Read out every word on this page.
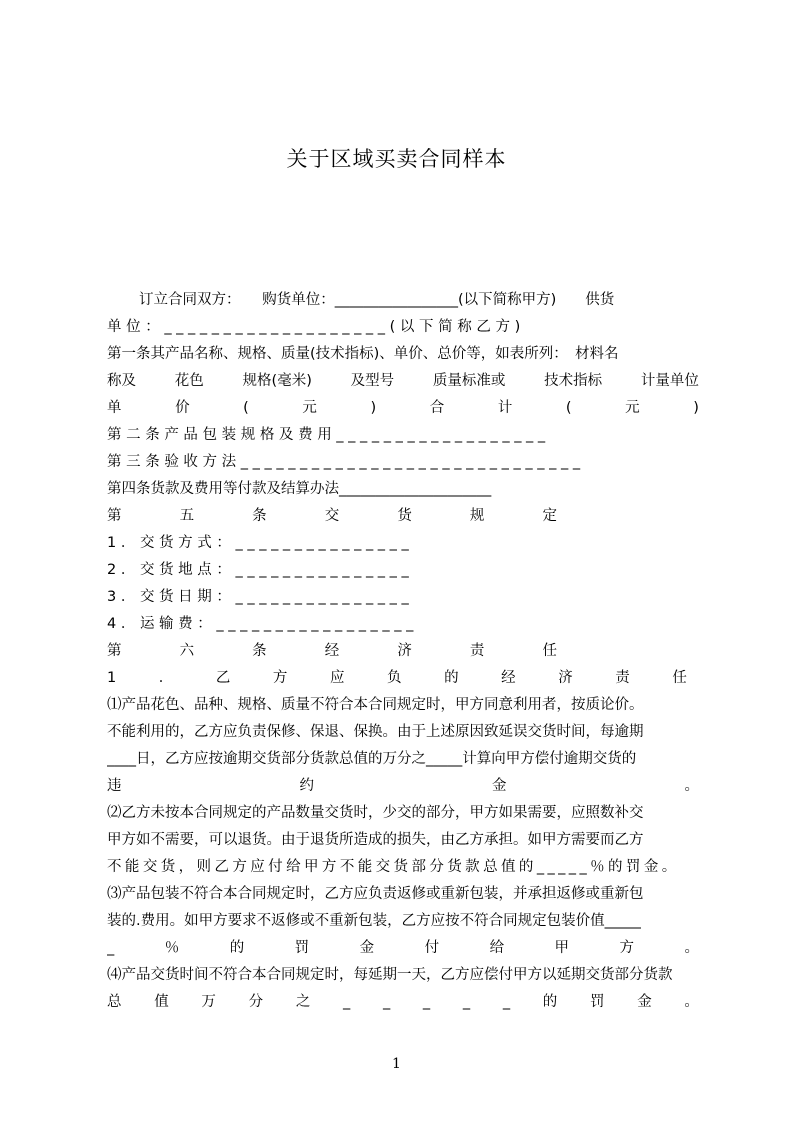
关于区域买卖合同样本
订立合同双方：　　购货单位：_________________(以下简称甲方)　　供货
单 位 ： _ _ _ _ _ _ _ _ _ _ _ _ _ _ _ _ _ _ _ ( 以 下 简 称 乙 方 )
第一条其产品名称、规格、质量(技术指标)、单价、总价等，如表所列：　材料名
称及	花色	规格(毫米)	及型号	质量标准或	技术指标	计量单位
单	价	(	元	)	合	计	(	元	)
第 二 条 产 品 包 装 规 格 及 费 用 _ _ _ _ _ _ _ _ _ _ _ _ _ _ _ _ _ _
第 三 条 验 收 方 法 _ _ _ _ _ _ _ _ _ _ _ _ _ _ _ _ _ _ _ _ _ _ _ _ _ _ _ _ _
第四条货款及费用等付款及结算办法_____________________
第	五	条	交	货	规	定
1 ． 交 货 方 式 ： _ _ _ _ _ _ _ _ _ _ _ _ _ _ _
2 ． 交 货 地 点 ： _ _ _ _ _ _ _ _ _ _ _ _ _ _ _
3 ． 交 货 日 期 ： _ _ _ _ _ _ _ _ _ _ _ _ _ _ _
4 ． 运 输 费 ： _ _ _ _ _ _ _ _ _ _ _ _ _ _ _ _ _
第	六	条	经	济	责	任
1	．	乙	方	应	负	的	经	济	责	任
⑴产品花色、品种、规格、质量不符合本合同规定时，甲方同意利用者，按质论价。
不能利用的，乙方应负责保修、保退、保换。由于上述原因致延误交货时间，每逾期
____日，乙方应按逾期交货部分货款总值的万分之_____计算向甲方偿付逾期交货的
违	约	金	。
⑵乙方未按本合同规定的产品数量交货时，少交的部分，甲方如果需要，应照数补交
甲方如不需要，可以退货。由于退货所造成的损失，由乙方承担。如甲方需要而乙方
不 能 交 货 ， 则 乙 方 应 付 给 甲 方 不 能 交 货 部 分 货 款 总 值 的 _ _ _ _ _ ％ 的 罚 金 。
⑶产品包装不符合本合同规定时，乙方应负责返修或重新包装，并承担返修或重新包
装的.费用。如甲方要求不返修或不重新包装，乙方应按不符合同规定包装价值_____
_	％	的	罚	金	付	给	甲	方	。
⑷产品交货时间不符合本合同规定时，每延期一天，乙方应偿付甲方以延期交货部分货款
总 值 万 分 之 _ _ _ _ _ 的 罚 金 。
1
